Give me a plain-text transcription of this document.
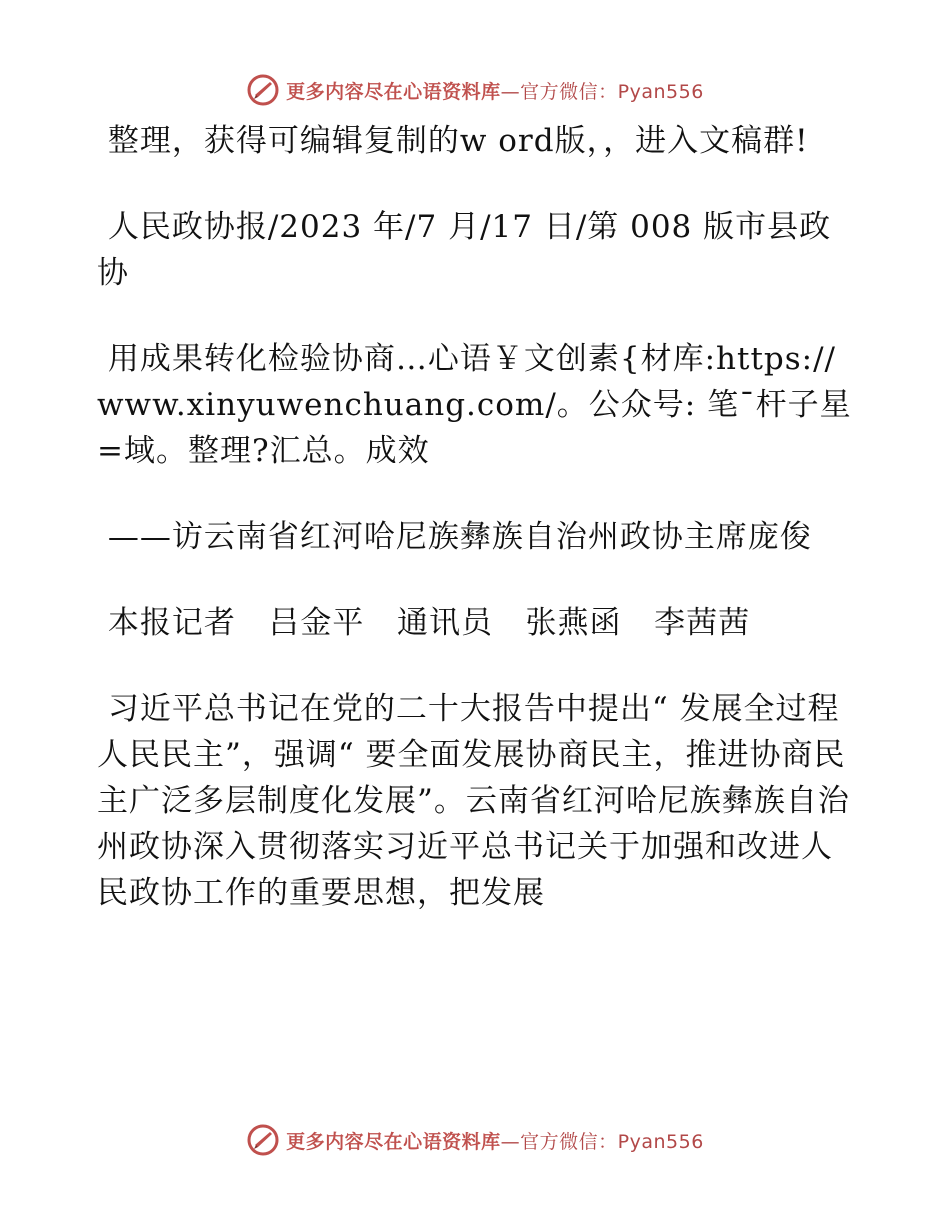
更多内容尽在心语资料库—官方微信：Pyan556

整理，获得可编辑复制的w ord版，，进入文稿群!

人民政协报/2023 年/7 月/17 日/第 008 版市县政协

用成果转化检验协商…心语￥文创素{材库:https://www.xinyuwenchuang.com/。公众号: 笔¯杆子星=域。整理?汇总。成效

——访云南省红河哈尼族彝族自治州政协主席庞俊

本报记者   吕金平   通讯员   张燕函   李茜茜

习近平总书记在党的二十大报告中提出“ 发展全过程人民民主”，强调“ 要全面发展协商民主，推进协商民主广泛多层制度化发展”。云南省红河哈尼族彝族自治州政协深入贯彻落实习近平总书记关于加强和改进人民政协工作的重要思想，把发展

更多内容尽在心语资料库—官方微信：Pyan556
